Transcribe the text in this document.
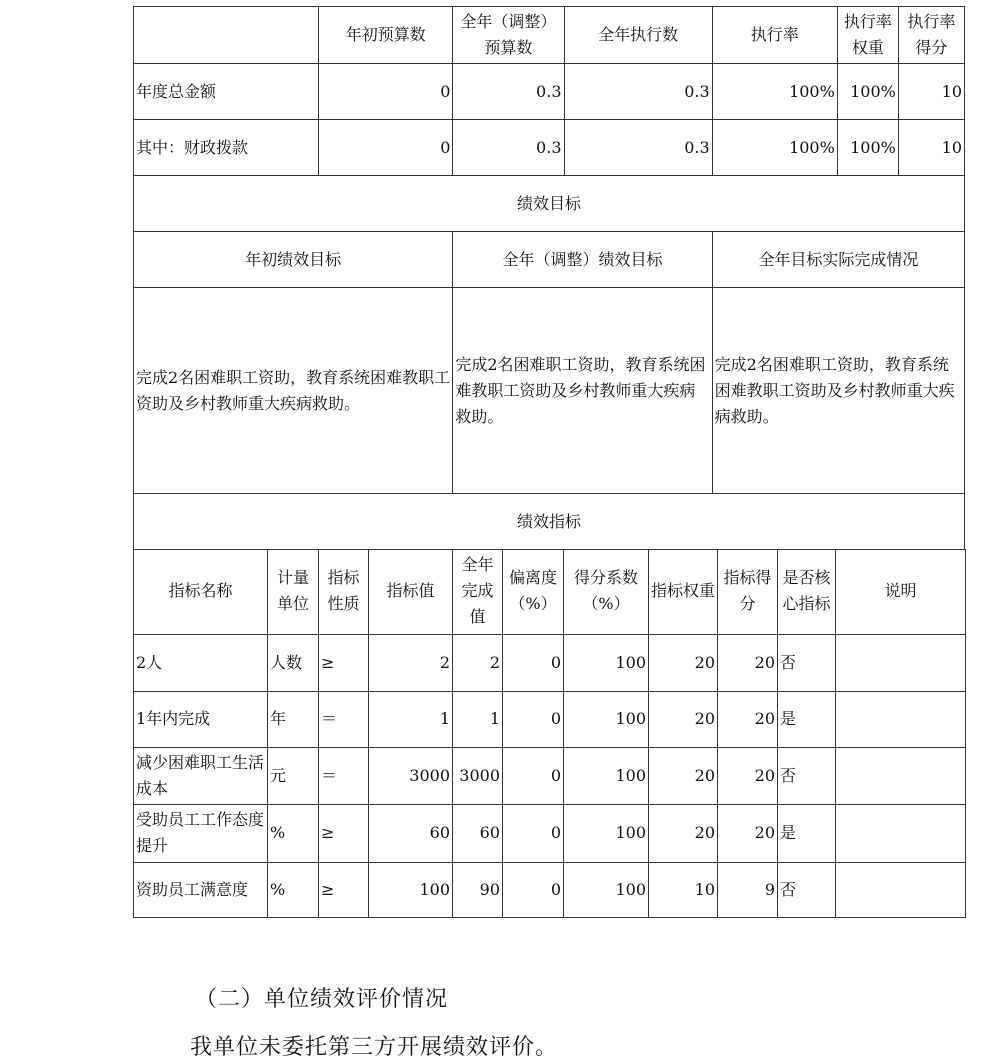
	年初预算数	全年（调整）预算数	全年执行数	执行率	执行率权重	执行率得分
年度总金额	0	0.3	0.3	100%	100%	10
其中：财政拨款	0	0.3	0.3	100%	100%	10
绩效目标						
年初绩效目标		全年（调整）绩效目标		全年目标实际完成情况		
完成2名困难职工资助，教育系统困难教职工资助及乡村教师重大疾病救助。		完成2名困难职工资助，教育系统困难教职工资助及乡村教师重大疾病救助。		完成2名困难职工资助，教育系统困难教职工资助及乡村教师重大疾病救助。		
绩效指标						
指标名称	计量单位	指标性质	指标值	全年完成值	偏离度（%）	得分系数（%）	指标权重	指标得分	是否核心指标	说明
2人	人数	≥	2	2	0	100	20	20	否	
1年内完成	年	＝	1	1	0	100	20	20	是	
减少困难职工生活成本	元	＝	3000	3000	0	100	20	20	否	
受助员工工作态度提升	%	≥	60	60	0	100	20	20	是	
资助员工满意度	%	≥	100	90	0	100	10	9	否	
（二）单位绩效评价情况
我单位未委托第三方开展绩效评价。
